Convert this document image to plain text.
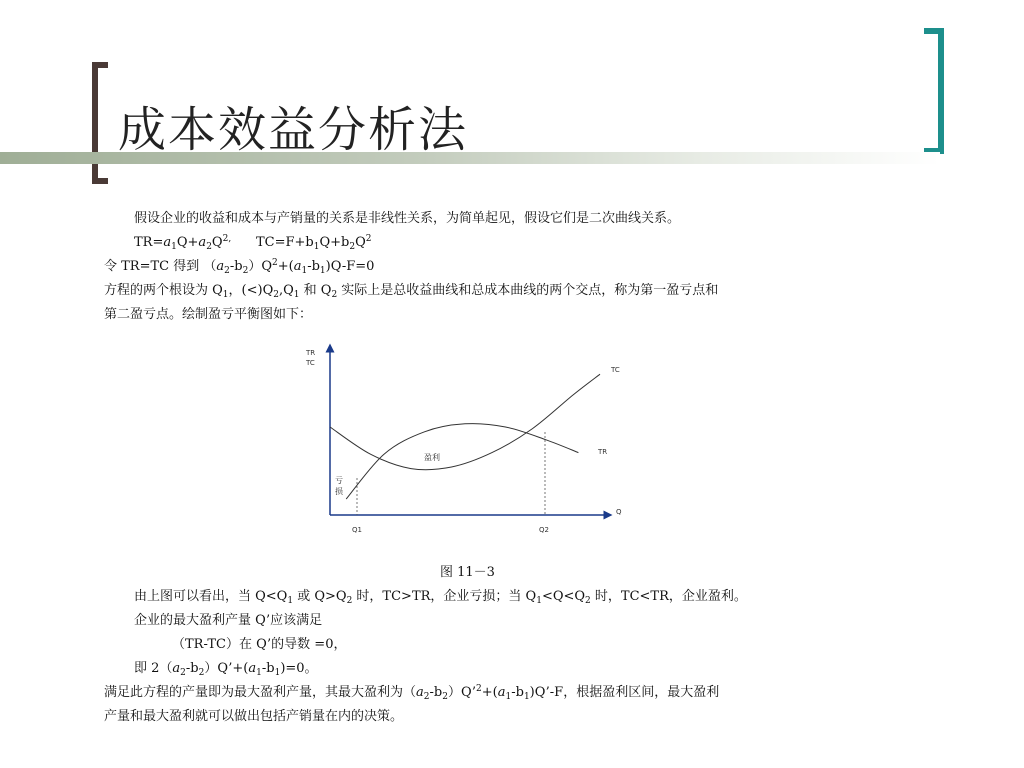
成本效益分析法
假设企业的收益和成本与产销量的关系是非线性关系，为简单起见，假设它们是二次曲线关系。
$TR=a_1Q+a_2Q^{2,}$ $TC=F+b_1Q+b_2Q^2$
令 TR=TC 得到 $(a_2-b_2)Q^2+(a_1-b_1)Q-F=0$
方程的两个根设为 $Q_1$，$(<)Q_2,Q_1$ 和 $Q_2$ 实际上是总收益曲线和总成本曲线的两个交点，称为第一盈亏点和
第二盈亏点。绘制盈亏平衡图如下：
TR
TC
Q
Q1	Q2
TC
TR
盈利
亏
损
图 11－3
由上图可以看出，当 $Q<Q_1$ 或 $Q>Q_2$ 时，TC>TR，企业亏损；当 $Q_1<Q<Q_2$ 时，TC<TR，企业盈利。
企业的最大盈利产量 Q’应该满足
（TR-TC）在 Q’的导数 =0，
即 $2(a_2-b_2)Q’+(a_1-b_1)=0$。
满足此方程的产量即为最大盈利产量，其最大盈利为$(a_2-b_2)Q’^2+(a_1-b_1)Q’-F$，根据盈利区间，最大盈利
产量和最大盈利就可以做出包括产销量在内的决策。
